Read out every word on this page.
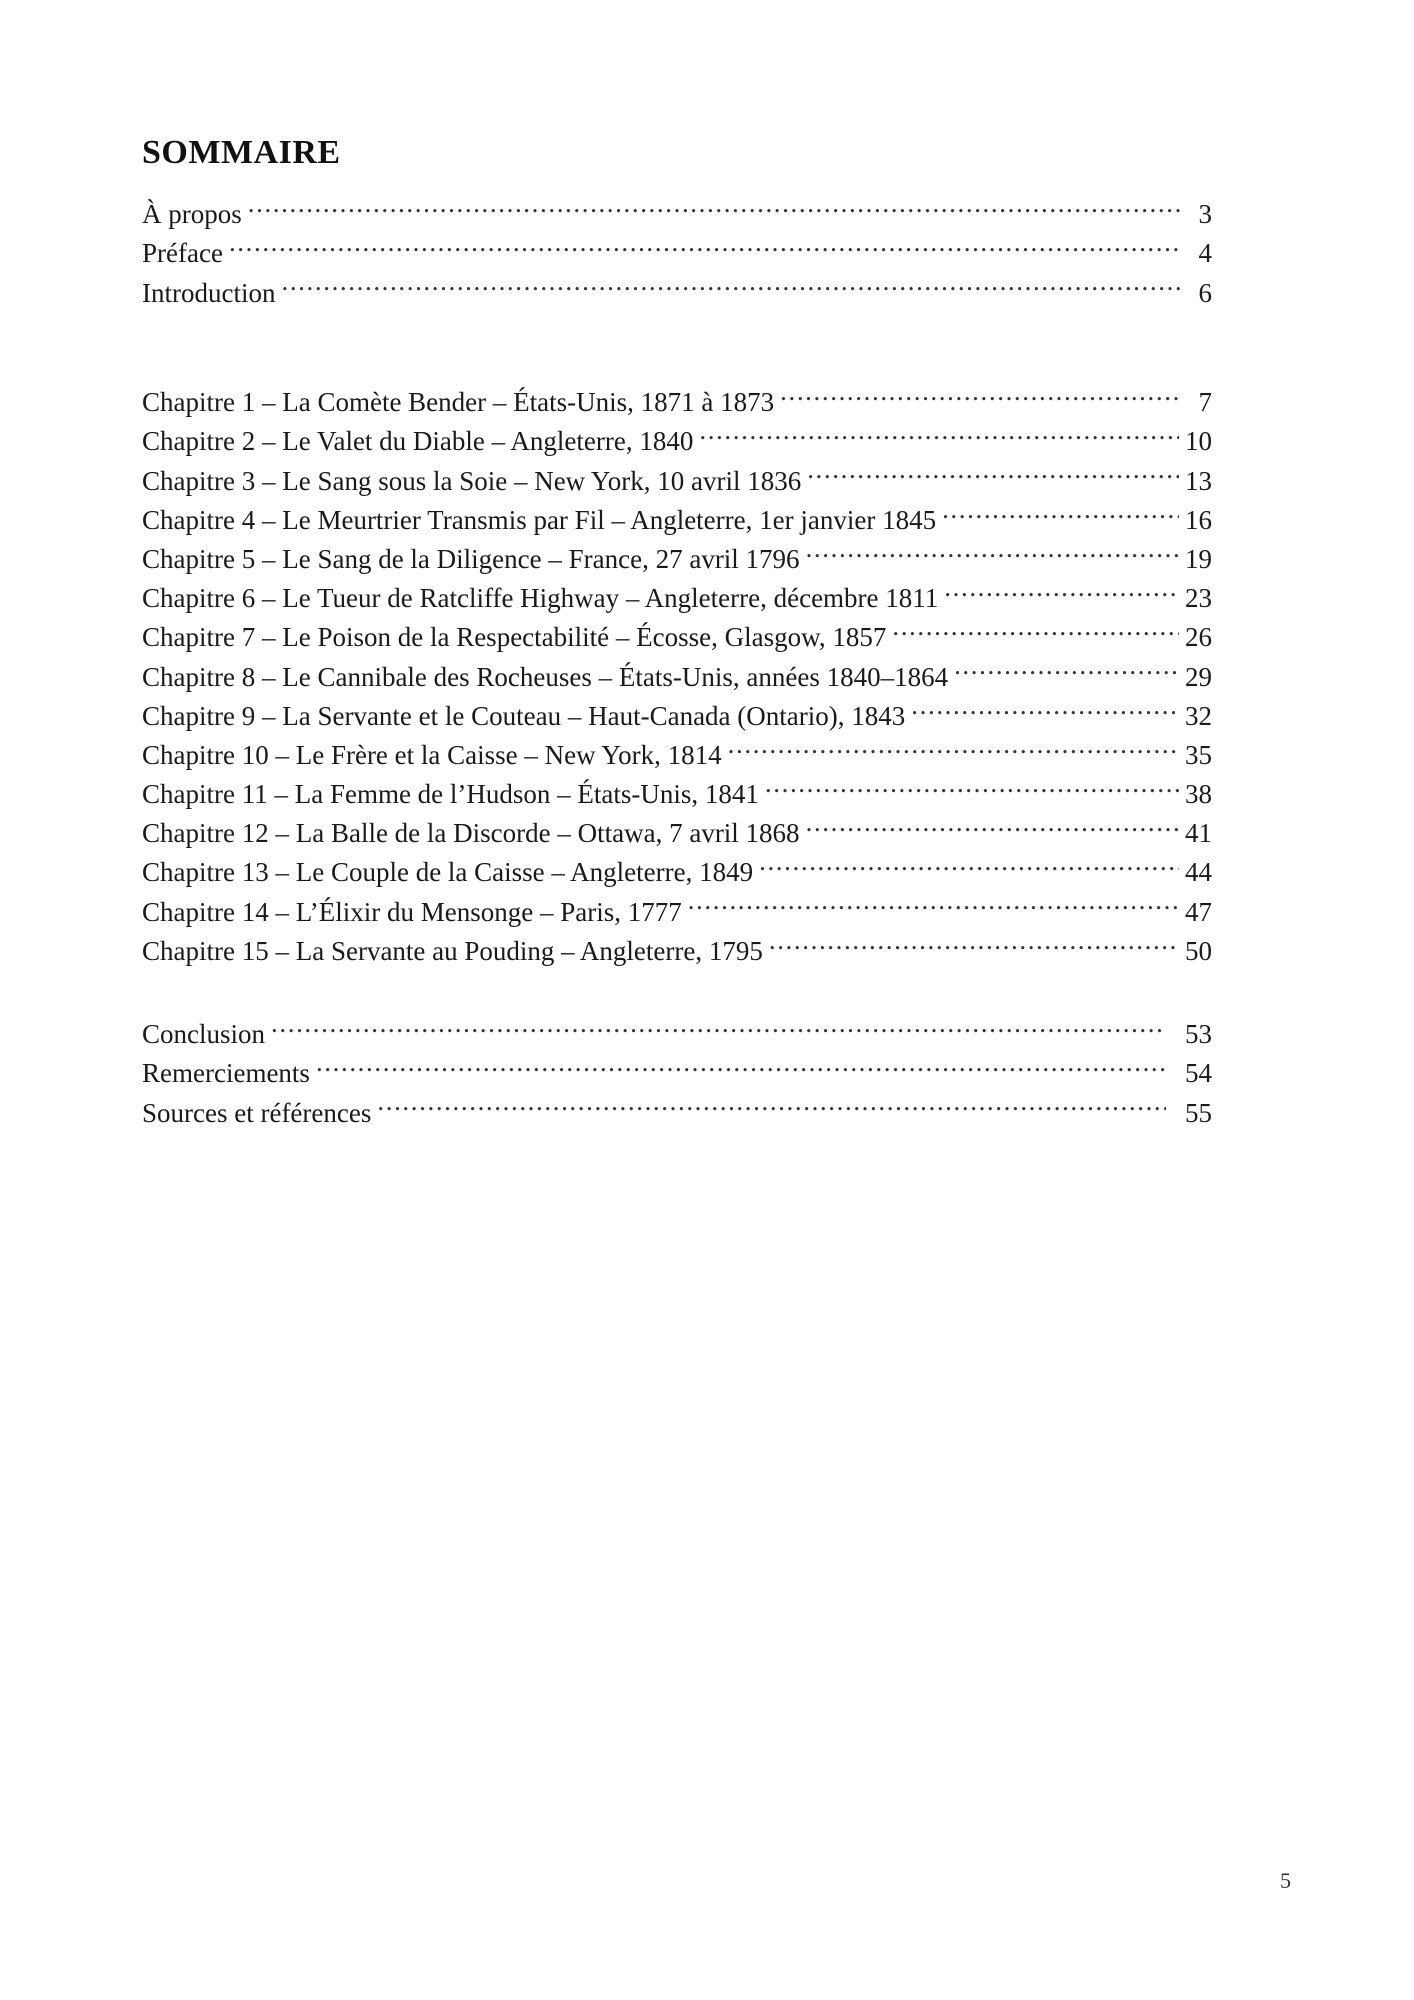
SOMMAIRE
À propos .....	3
Préface .....	4
Introduction .....	6
Chapitre 1 – La Comète Bender – États-Unis, 1871 à 1873 .....	7
Chapitre 2 – Le Valet du Diable – Angleterre, 1840 .....	10
Chapitre 3 – Le Sang sous la Soie – New York, 10 avril 1836 .....	13
Chapitre 4 – Le Meurtrier Transmis par Fil – Angleterre, 1er janvier 1845 .....	16
Chapitre 5 – Le Sang de la Diligence – France, 27 avril 1796 .....	19
Chapitre 6 – Le Tueur de Ratcliffe Highway – Angleterre, décembre 1811 .....	23
Chapitre 7 – Le Poison de la Respectabilité – Écosse, Glasgow, 1857 .....	26
Chapitre 8 – Le Cannibale des Rocheuses – États-Unis, années 1840–1864 .....	29
Chapitre 9 – La Servante et le Couteau – Haut-Canada (Ontario), 1843 .....	32
Chapitre 10 – Le Frère et la Caisse – New York, 1814 .....	35
Chapitre 11 – La Femme de l’Hudson – États-Unis, 1841 .....	38
Chapitre 12 – La Balle de la Discorde – Ottawa, 7 avril 1868 .....	41
Chapitre 13 – Le Couple de la Caisse – Angleterre, 1849 .....	44
Chapitre 14 – L’Élixir du Mensonge – Paris, 1777 .....	47
Chapitre 15 – La Servante au Pouding – Angleterre, 1795 .....	50
Conclusion .....	53
Remerciements .....	54
Sources et références .....	55
5
